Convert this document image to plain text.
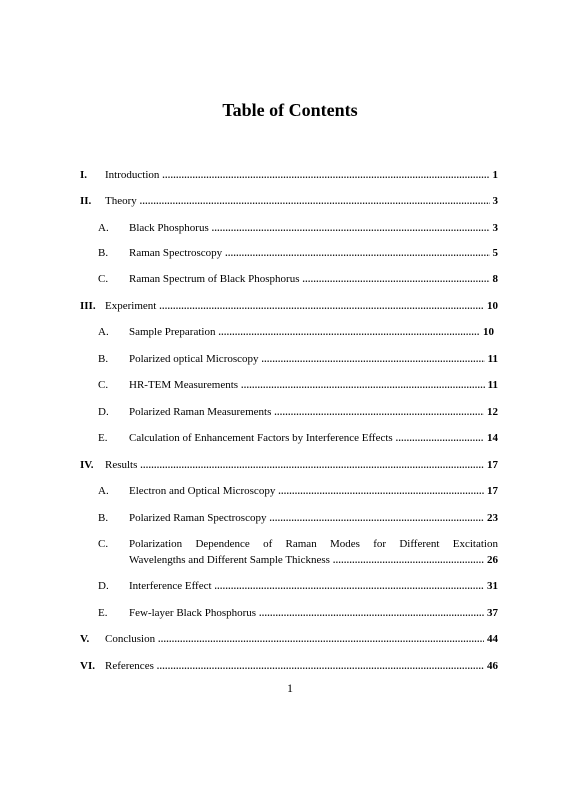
Table of Contents
I.	Introduction .....	1
II.	Theory .....	3
A.	Black Phosphorus .....	3
B.	Raman Spectroscopy .....	5
C.	Raman Spectrum of Black Phosphorus .....	8
III. Experiment .....	10
A.	Sample Preparation .....	10
B.	Polarized optical Microscopy .....	11
C.	HR-TEM Measurements .....	11
D.	Polarized Raman Measurements .....	12
E.	Calculation of Enhancement Factors by Interference Effects .....	14
IV.	Results .....	17
A.	Electron and Optical Microscopy .....	17
B.	Polarized Raman Spectroscopy .....	23
C.	Polarization Dependence of Raman Modes for Different Excitation
Wavelengths and Different Sample Thickness .....	26
D.	Interference Effect .....	31
E.	Few-layer Black Phosphorus .....	37
V.	Conclusion .....	44
VI. References .....	46
1
